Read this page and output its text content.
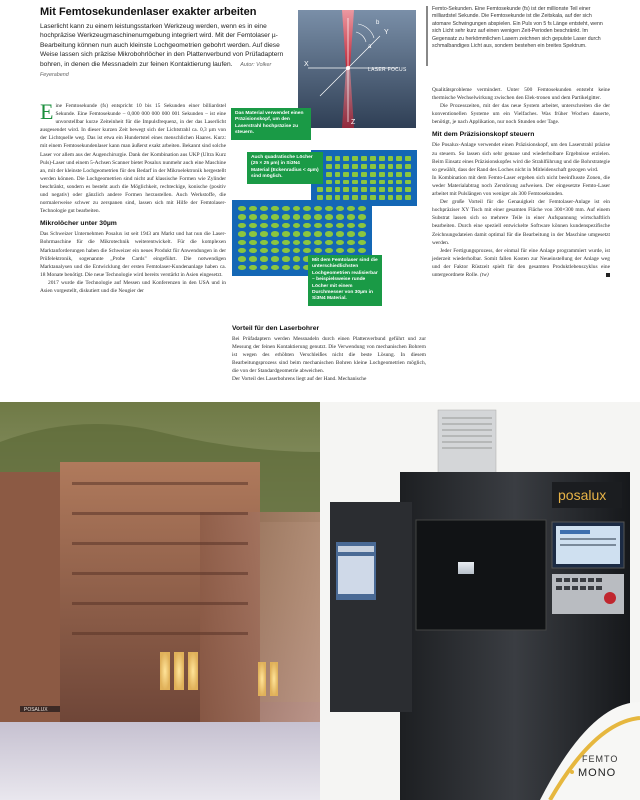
Mit Femtosekundenlaser exakter arbeiten
Laserlicht kann zu einem leistungsstarken Werkzeug werden, wenn es in eine hochpräzise Werkzeugmaschinenumgebung integriert wird. Mit der Femtolaser µ-Bearbeitung können nun auch kleinste Lochgeometrien gebohrt werden. Auf diese Weise lassen sich präzise Mikrobohrlöcher in den Plattenverbund von Prüfadaptern bohren, in denen die Messnadeln zur feinen Kontaktierung laufen. Autor: Volker Feyerabend

Eine Femtosekunde (fs) entspricht 10 bis 15 Sekunden einer billiardstel Sekunde. Eine Femtosekunde – 0,000 000 000 000 001 Sekunden – ist eine unvorstellbar kurze Zeiteinheit für die Impulsfrequenz, in der das Laserlicht ausgesendet wird. In dieser kurzen Zeit bewegt sich der Lichtstrahl ca. 0,3 µm von der Lichtquelle weg. Das ist etwa ein Hundertstel eines menschlichen Haares. Kurz: mit einem Femtosekundenlaser kann man äußerst exakt arbeiten. Bekannt sind solche Laser vor allem aus der Augenchirurgie. Dank der Kombination aus UKP (Ultra Kurz Puls)-Laser und einem 5-Achsen Scanner bietet Posalux nunmehr auch eine Maschine an, mit der kleinste Lochgeometrien für den Bedarf in der Mikroelektronik hergestellt werden können. Die Lochgeometrien sind nicht auf klassische Formen wie Zylinder beschränkt, sondern es besteht auch die Möglichkeit, rechteckige, konische (positiv und negativ) oder gänzlich andere Formen herzustellen. Auch Werkstoffe, die normalerweise schwer zu zerspanen sind, lassen sich mit Hilfe der Femtolaser-Technologie gut bearbeiten.

Mikrolöcher unter 30µm

Das Schweizer Unternehmen Posalux ist seit 1943 am Markt und hat nun die Laser-Bohrmaschine für die Mikrotechnik weiterentwickelt. Für die komplexen Marktanforderungen haben die Schweizer ein neues Produkt für Anwendungen in der Prüfelektronik, sogenannte „Probe Cards" eingeführt. Die notwendigen Marktanalysen und die Entwicklung der ersten Femtolaser-Kundenanlage haben ca. 18 Monate benötigt. Die neue Technologie wird bereits verstärkt in Asien eingesetzt.

2017 wurde die Technologie auf Messen und Konferenzen in den USA und in Asien vorgestellt, diskutiert und die Neugier der

X
Y
Z
a
b
LASER FOCUS
Das Material verwendet einen Präzisionskopf, um den Laserstrahl hochpräzise zu steuern.
Auch quadratische Löcher (25 × 25 µm) in Si3N4 Material (Eckenradius < 4µm) sind möglich.
Mit dem Femtolaser sind die unterschiedlichsten Lochgeometrien realisierbar – beispielsweise runde Löcher mit einem Durchmesser von 30µm in Si3N4 Material.
Vorteil für den Laserbohrer

Bei Prüfadaptern werden Messnadeln durch einen Plattenverbund geführt und zur Messung der feinen Kontaktierung genutzt. Die Verwendung von mechanischen Bohrern ist wegen des erhöhten Verschleißes nicht die beste Lösung. In diesem Bearbeitungsprozess sind beim mechanischen Bohren kleine Lochgeometrien möglich, die von der Standardgeometrie abweichen.

Der Vorteil des Laserbohrens liegt auf der Hand. Mechanische

Femto-Sekunden. Eine Femtosekunde (fs) ist der millionste Teil einer milliardstel Sekunde. Die Femtosekunde ist die Zeitskala, auf der sich atomare Schwingungen abspielen. Ein Puls von 5 fs Länge entsteht, wenn sich Licht sehr kurz auf einen wenigen Zeit-Perioden beschränkt. Im Gegensatz zu herkömmlichen Lasern zeichnen sich gepulste Laser durch schmalbandiges Licht aus, sondern bestehen ein breites Spektrum.

Qualitätsprobleme vermindert. Unter 500 Femtosekunden entsteht keine thermische Wechselwirkung zwischen den Elek-tronen und dem Partikelgitter.

Die Prozesszeiten, mit der das neue System arbeitet, unterschreiten die der konventionellen Systeme um ein Vielfaches. Was früher Wochen dauerte, benötigt, je nach Applikation, nur noch Stunden oder Tage.

Mit dem Präzisionskopf steuern

Die Posalux-Anlage verwendet einen Präzisionskopf, um den Laserstrahl präzise zu steuern. So lassen sich sehr genaue und wiederholbare Ergebnisse erzielen. Beim Einsatz eines Präzisionskopfes wird die Strahlführung und die Bohrstrategie so gewählt, dass der Rand des Loches nicht in Mitleidenschaft gezogen wird.

In Kombination mit dem Femto-Laser ergeben sich nicht beeinflusste Zonen, die weder Materialabtrag noch Zerstörung aufweisen. Der eingesetzte Femto-Laser arbeitet mit Pulslängen von weniger als 300 Femtosekunden.

Der große Vorteil für die Genauigkeit der Femtolaser-Anlage ist ein hochpräziser XY Tisch mit einer gesamten Fläche von 300×300 mm. Auf einem Substrat lassen sich so mehrere Teile in einer Aufspannung wirtschaftlich bearbeiten. Durch eine speziell entwickelte Software können kundenspezifische Zeichnungsdateien damit optimal für die Bearbeitung in der Maschine umgesetzt werden.

Jeder Fertigungsprozess, der einmal für eine Anlage programmiert wurde, ist jederzeit wiederholbar. Somit fallen Kosten zur Neueinstellung der Anlage weg und der Faktor Rüstzeit spielt für den gesamten Produktlebenszyklus eine untergeordnete Rolle. (tw)

POSALUX
posalux
FEMTO
MONO
